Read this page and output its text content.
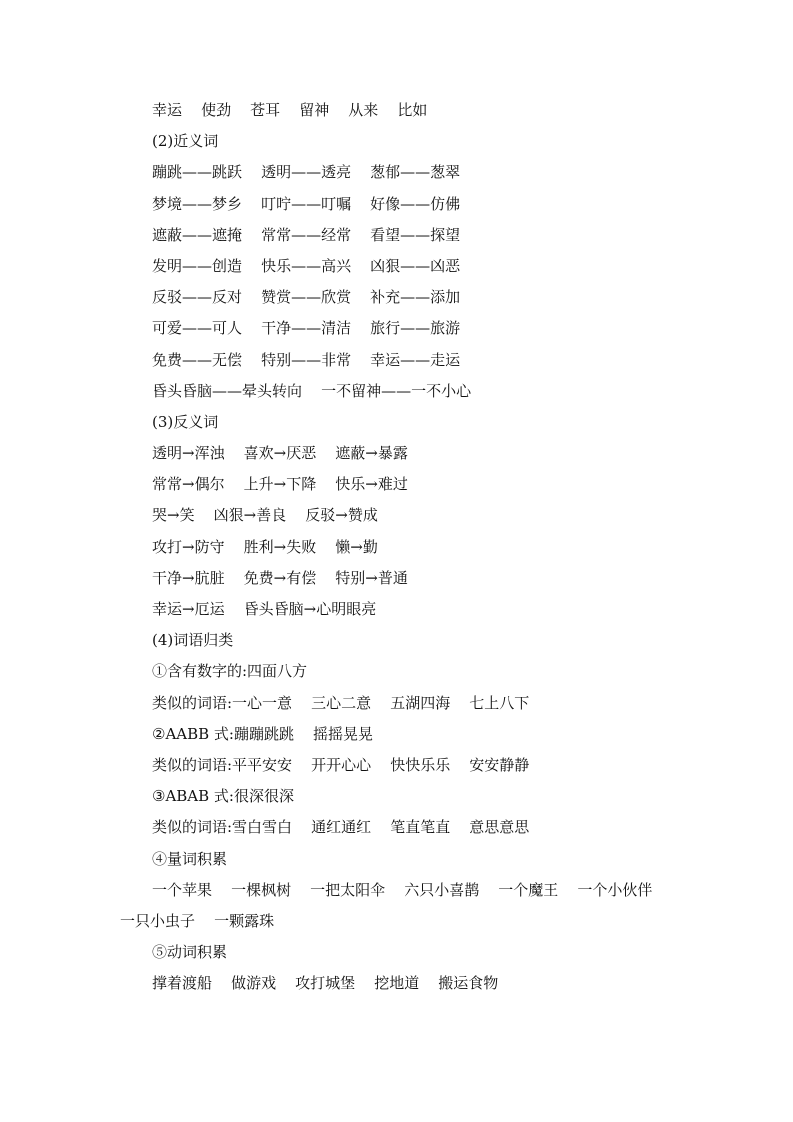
幸运    使劲    苍耳    留神    从来    比如
(2)近义词
蹦跳——跳跃    透明——透亮    葱郁——葱翠
梦境——梦乡    叮咛——叮嘱    好像——仿佛
遮蔽——遮掩    常常——经常    看望——探望
发明——创造    快乐——高兴    凶狠——凶恶
反驳——反对    赞赏——欣赏    补充——添加
可爱——可人    干净——清洁    旅行——旅游
免费——无偿    特别——非常    幸运——走运
昏头昏脑——晕头转向    一不留神——一不小心
(3)反义词
透明→浑浊    喜欢→厌恶    遮蔽→暴露
常常→偶尔    上升→下降    快乐→难过
哭→笑    凶狠→善良    反驳→赞成
攻打→防守    胜利→失败    懒→勤
干净→肮脏    免费→有偿    特别→普通
幸运→厄运    昏头昏脑→心明眼亮
(4)词语归类
①含有数字的:四面八方
类似的词语:一心一意    三心二意    五湖四海    七上八下
②AABB 式:蹦蹦跳跳    摇摇晃晃
类似的词语:平平安安    开开心心    快快乐乐    安安静静
③ABAB 式:很深很深
类似的词语:雪白雪白    通红通红    笔直笔直    意思意思
④量词积累
一个苹果    一棵枫树    一把太阳伞    六只小喜鹊    一个魔王    一个小伙伴    一只小虫子    一颗露珠
⑤动词积累
撑着渡船    做游戏    攻打城堡    挖地道    搬运食物
